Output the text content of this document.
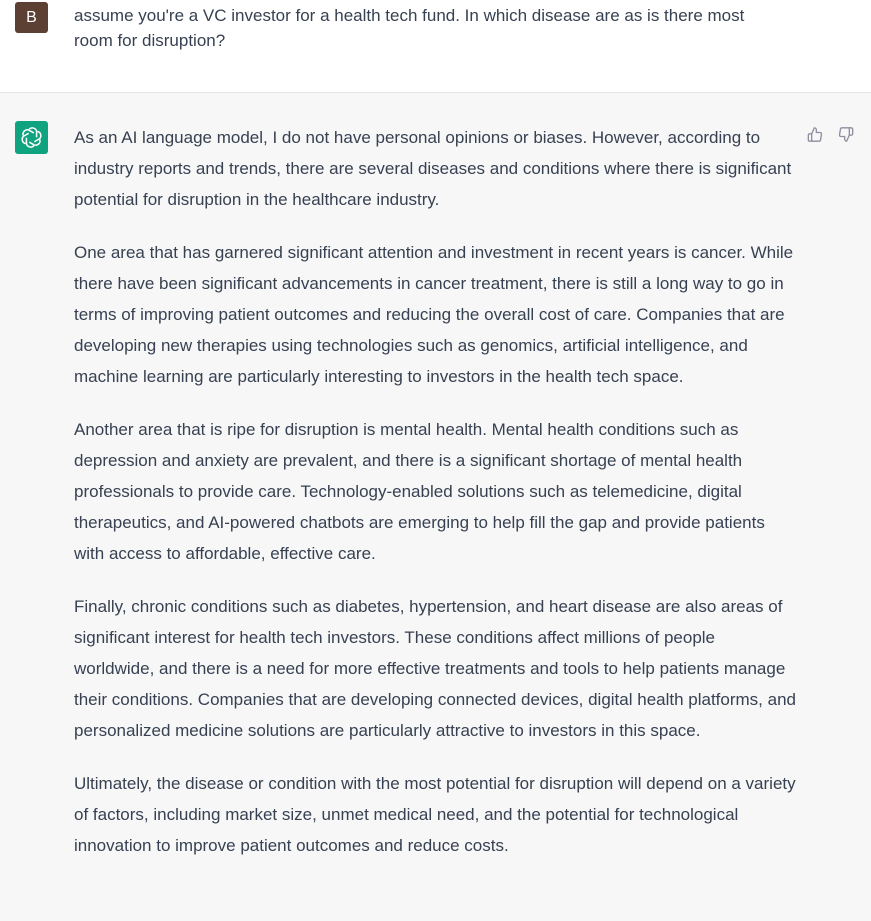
B	assume you're a VC investor for a health tech fund. In which disease are as is there most room for disruption?

As an AI language model, I do not have personal opinions or biases. However, according to industry reports and trends, there are several diseases and conditions where there is significant potential for disruption in the healthcare industry.

One area that has garnered significant attention and investment in recent years is cancer. While there have been significant advancements in cancer treatment, there is still a long way to go in terms of improving patient outcomes and reducing the overall cost of care. Companies that are developing new therapies using technologies such as genomics, artificial intelligence, and machine learning are particularly interesting to investors in the health tech space.

Another area that is ripe for disruption is mental health. Mental health conditions such as depression and anxiety are prevalent, and there is a significant shortage of mental health professionals to provide care. Technology-enabled solutions such as telemedicine, digital therapeutics, and AI-powered chatbots are emerging to help fill the gap and provide patients with access to affordable, effective care.

Finally, chronic conditions such as diabetes, hypertension, and heart disease are also areas of significant interest for health tech investors. These conditions affect millions of people worldwide, and there is a need for more effective treatments and tools to help patients manage their conditions. Companies that are developing connected devices, digital health platforms, and personalized medicine solutions are particularly attractive to investors in this space.

Ultimately, the disease or condition with the most potential for disruption will depend on a variety of factors, including market size, unmet medical need, and the potential for technological innovation to improve patient outcomes and reduce costs.
